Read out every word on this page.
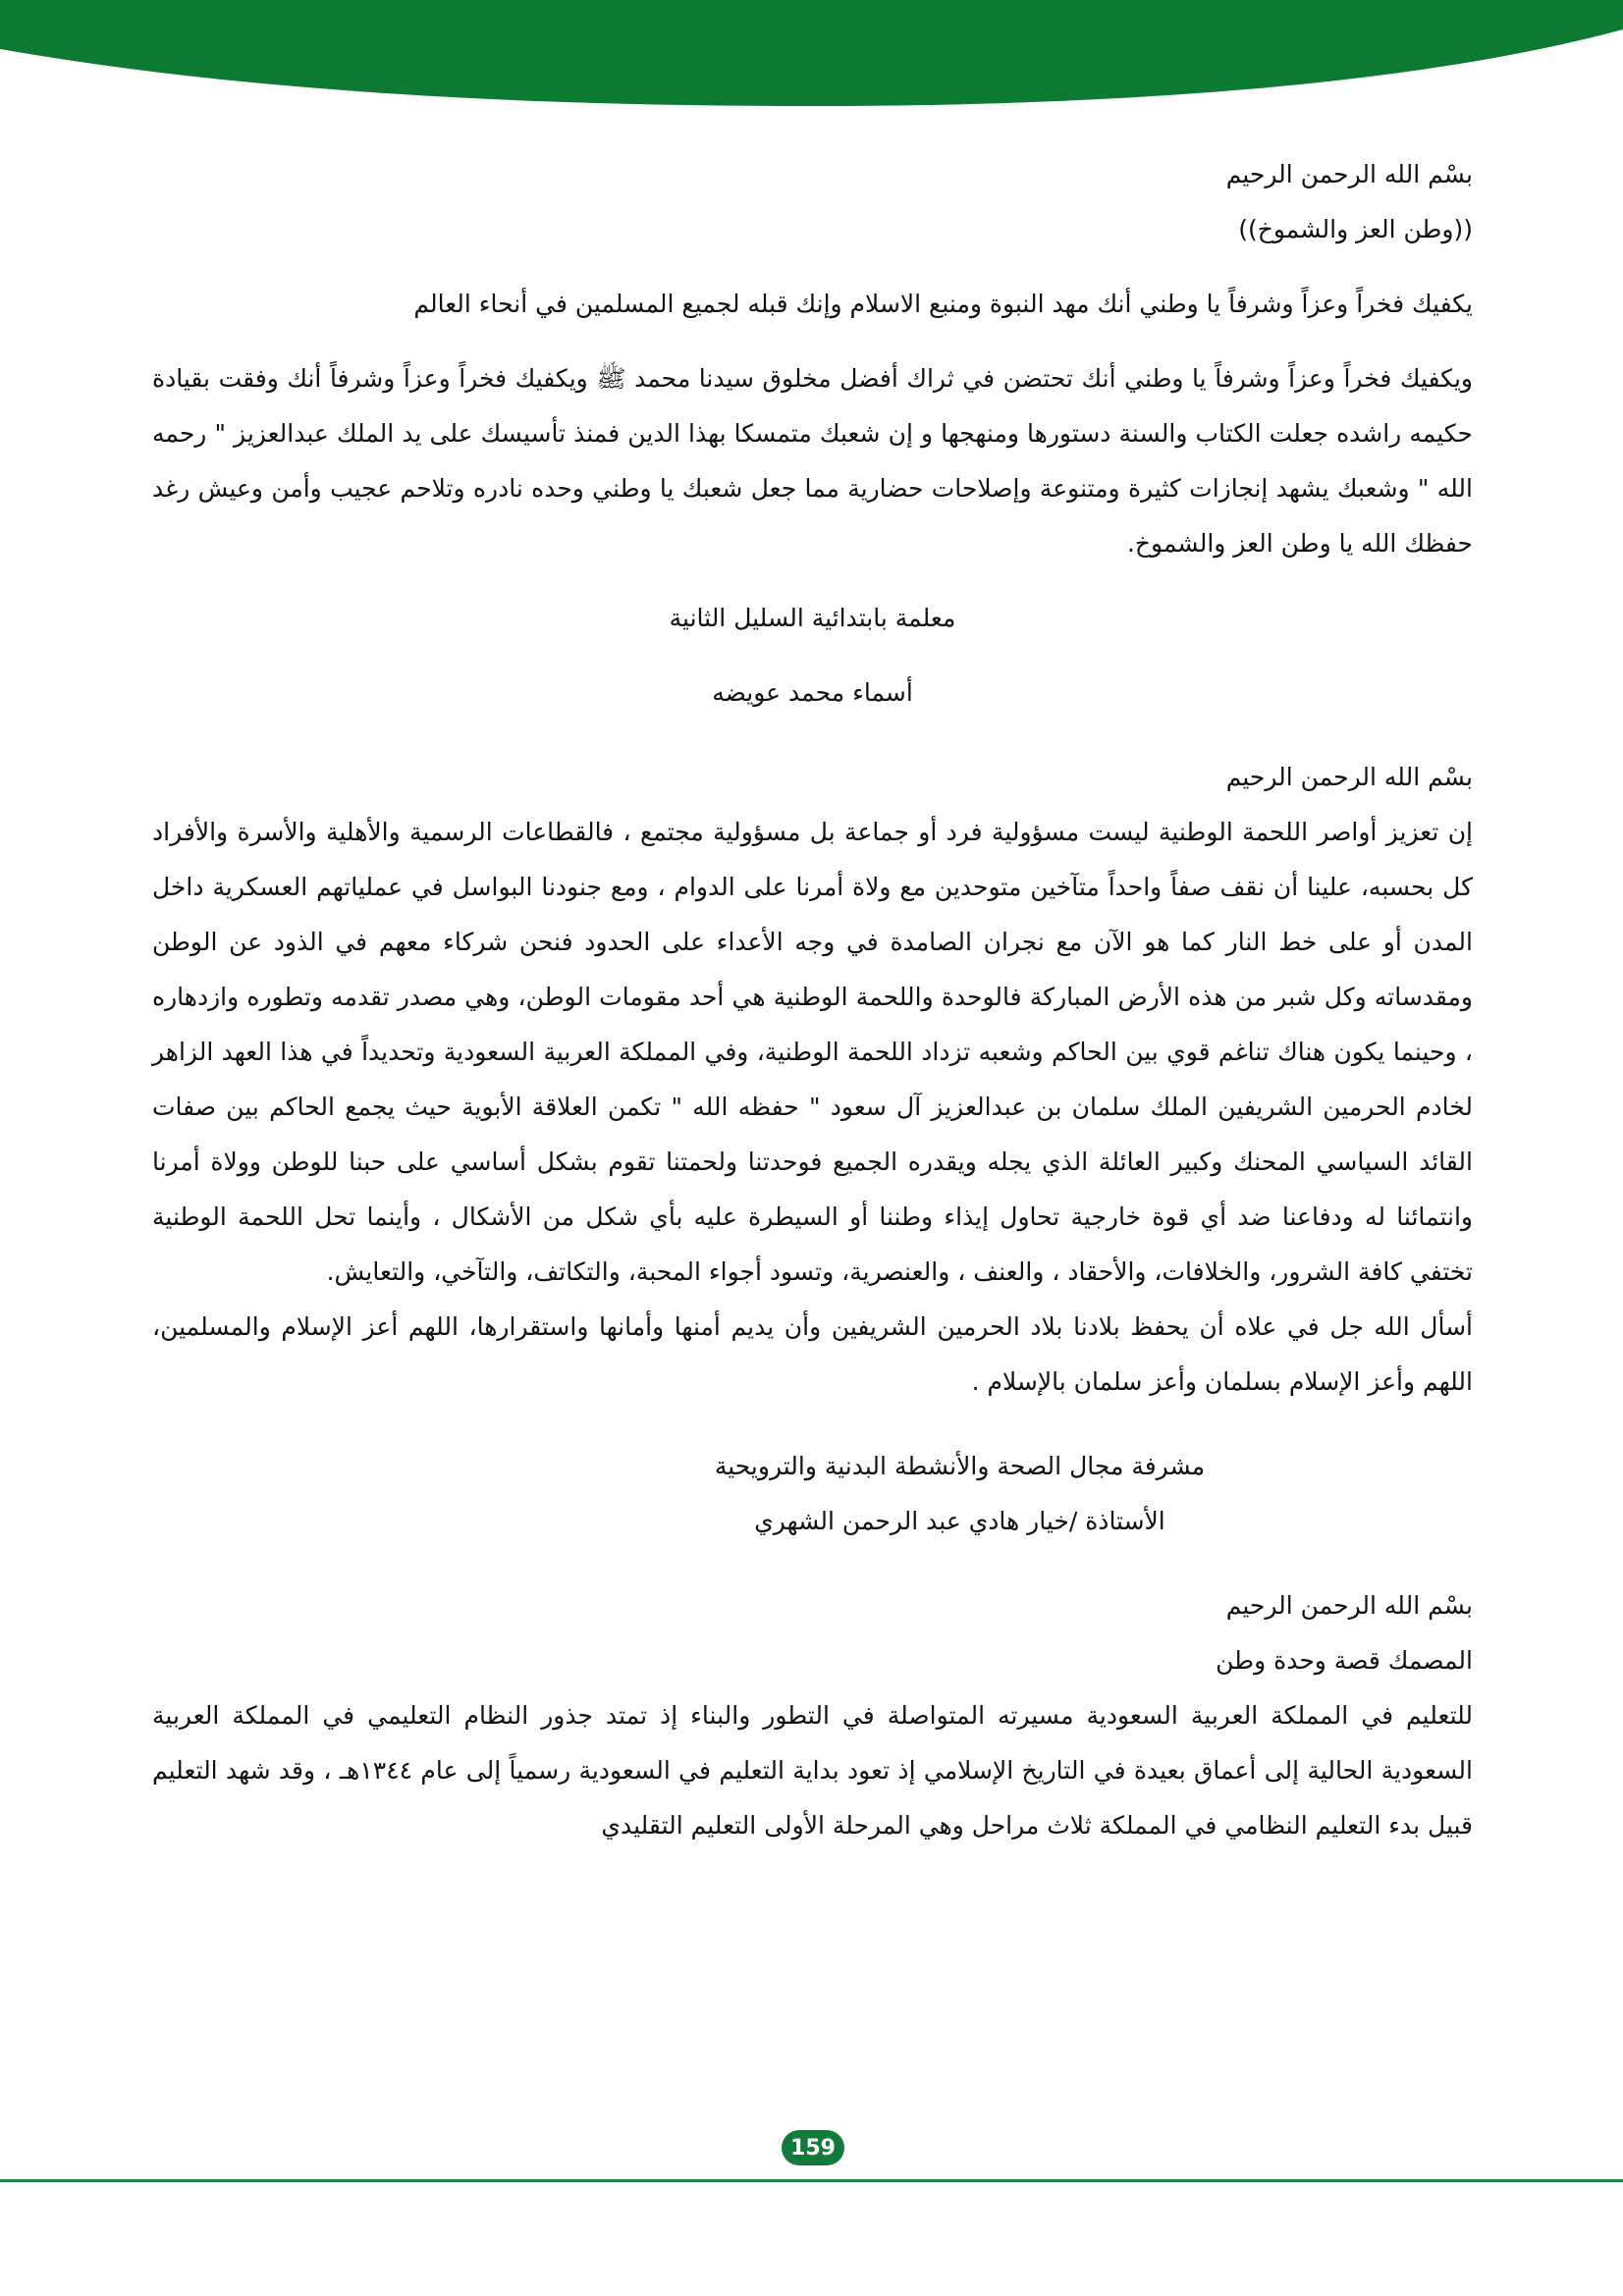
بسْم الله الرحمن الرحيم

((وطن العز والشموخ))

يكفيك فخراً وعزاً وشرفاً يا وطني أنك مهد النبوة ومنبع الاسلام وإنك قبله لجميع المسلمين في أنحاء العالم

ويكفيك فخراً وعزاً وشرفاً يا وطني أنك تحتضن في ثراك أفضل مخلوق سيدنا محمد ﷺ ويكفيك فخراً وعزاً وشرفاً أنك وفقت بقيادة حكيمه راشده جعلت الكتاب والسنة دستورها ومنهجها و إن شعبك متمسكا بهذا الدين فمنذ تأسيسك على يد الملك عبدالعزيز " رحمه الله " وشعبك يشهد إنجازات كثيرة ومتنوعة وإصلاحات حضارية مما جعل شعبك يا وطني وحده نادره وتلاحم عجيب وأمن وعيش رغد حفظك الله يا وطن العز والشموخ.

معلمة بابتدائية السليل الثانية

أسماء محمد عويضه

بسْم الله الرحمن الرحيم

إن تعزيز أواصر اللحمة الوطنية ليست مسؤولية فرد أو جماعة بل مسؤولية مجتمع ، فالقطاعات الرسمية والأهلية والأسرة والأفراد كل بحسبه، علينا أن نقف صفاً واحداً متآخين متوحدين مع ولاة أمرنا على الدوام ، ومع جنودنا البواسل في عملياتهم العسكرية داخل المدن أو على خط النار كما هو الآن مع نجران الصامدة في وجه الأعداء على الحدود فنحن شركاء معهم في الذود عن الوطن ومقدساته وكل شبر من هذه الأرض المباركة فالوحدة واللحمة الوطنية هي أحد مقومات الوطن، وهي مصدر تقدمه وتطوره وازدهاره ، وحينما يكون هناك تناغم قوي بين الحاكم وشعبه تزداد اللحمة الوطنية، وفي المملكة العربية السعودية وتحديداً في هذا العهد الزاهر لخادم الحرمين الشريفين الملك سلمان بن عبدالعزيز آل سعود " حفظه الله " تكمن العلاقة الأبوية حيث يجمع الحاكم بين صفات القائد السياسي المحنك وكبير العائلة الذي يجله ويقدره الجميع فوحدتنا ولحمتنا تقوم بشكل أساسي على حبنا للوطن وولاة أمرنا وانتمائنا له ودفاعنا ضد أي قوة خارجية تحاول إيذاء وطننا أو السيطرة عليه بأي شكل من الأشكال ، وأينما تحل اللحمة الوطنية تختفي كافة الشرور، والخلافات، والأحقاد ، والعنف ، والعنصرية، وتسود أجواء المحبة، والتكاتف، والتآخي، والتعايش.

أسأل الله جل في علاه أن يحفظ بلادنا بلاد الحرمين الشريفين وأن يديم أمنها وأمانها واستقرارها، اللهم أعز الإسلام والمسلمين، اللهم وأعز الإسلام بسلمان وأعز سلمان بالإسلام .

مشرفة مجال الصحة والأنشطة البدنية والترويحية

الأستاذة /خيار هادي عبد الرحمن الشهري

بسْم الله الرحمن الرحيم

المصمك قصة وحدة وطن

للتعليم في المملكة العربية السعودية مسيرته المتواصلة في التطور والبناء إذ تمتد جذور النظام التعليمي في المملكة العربية السعودية الحالية إلى أعماق بعيدة في التاريخ الإسلامي إذ تعود بداية التعليم في السعودية رسمياً إلى عام ١٣٤٤هـ ، وقد شهد التعليم قبيل بدء التعليم النظامي في المملكة ثلاث مراحل وهي المرحلة الأولى التعليم التقليدي

159
